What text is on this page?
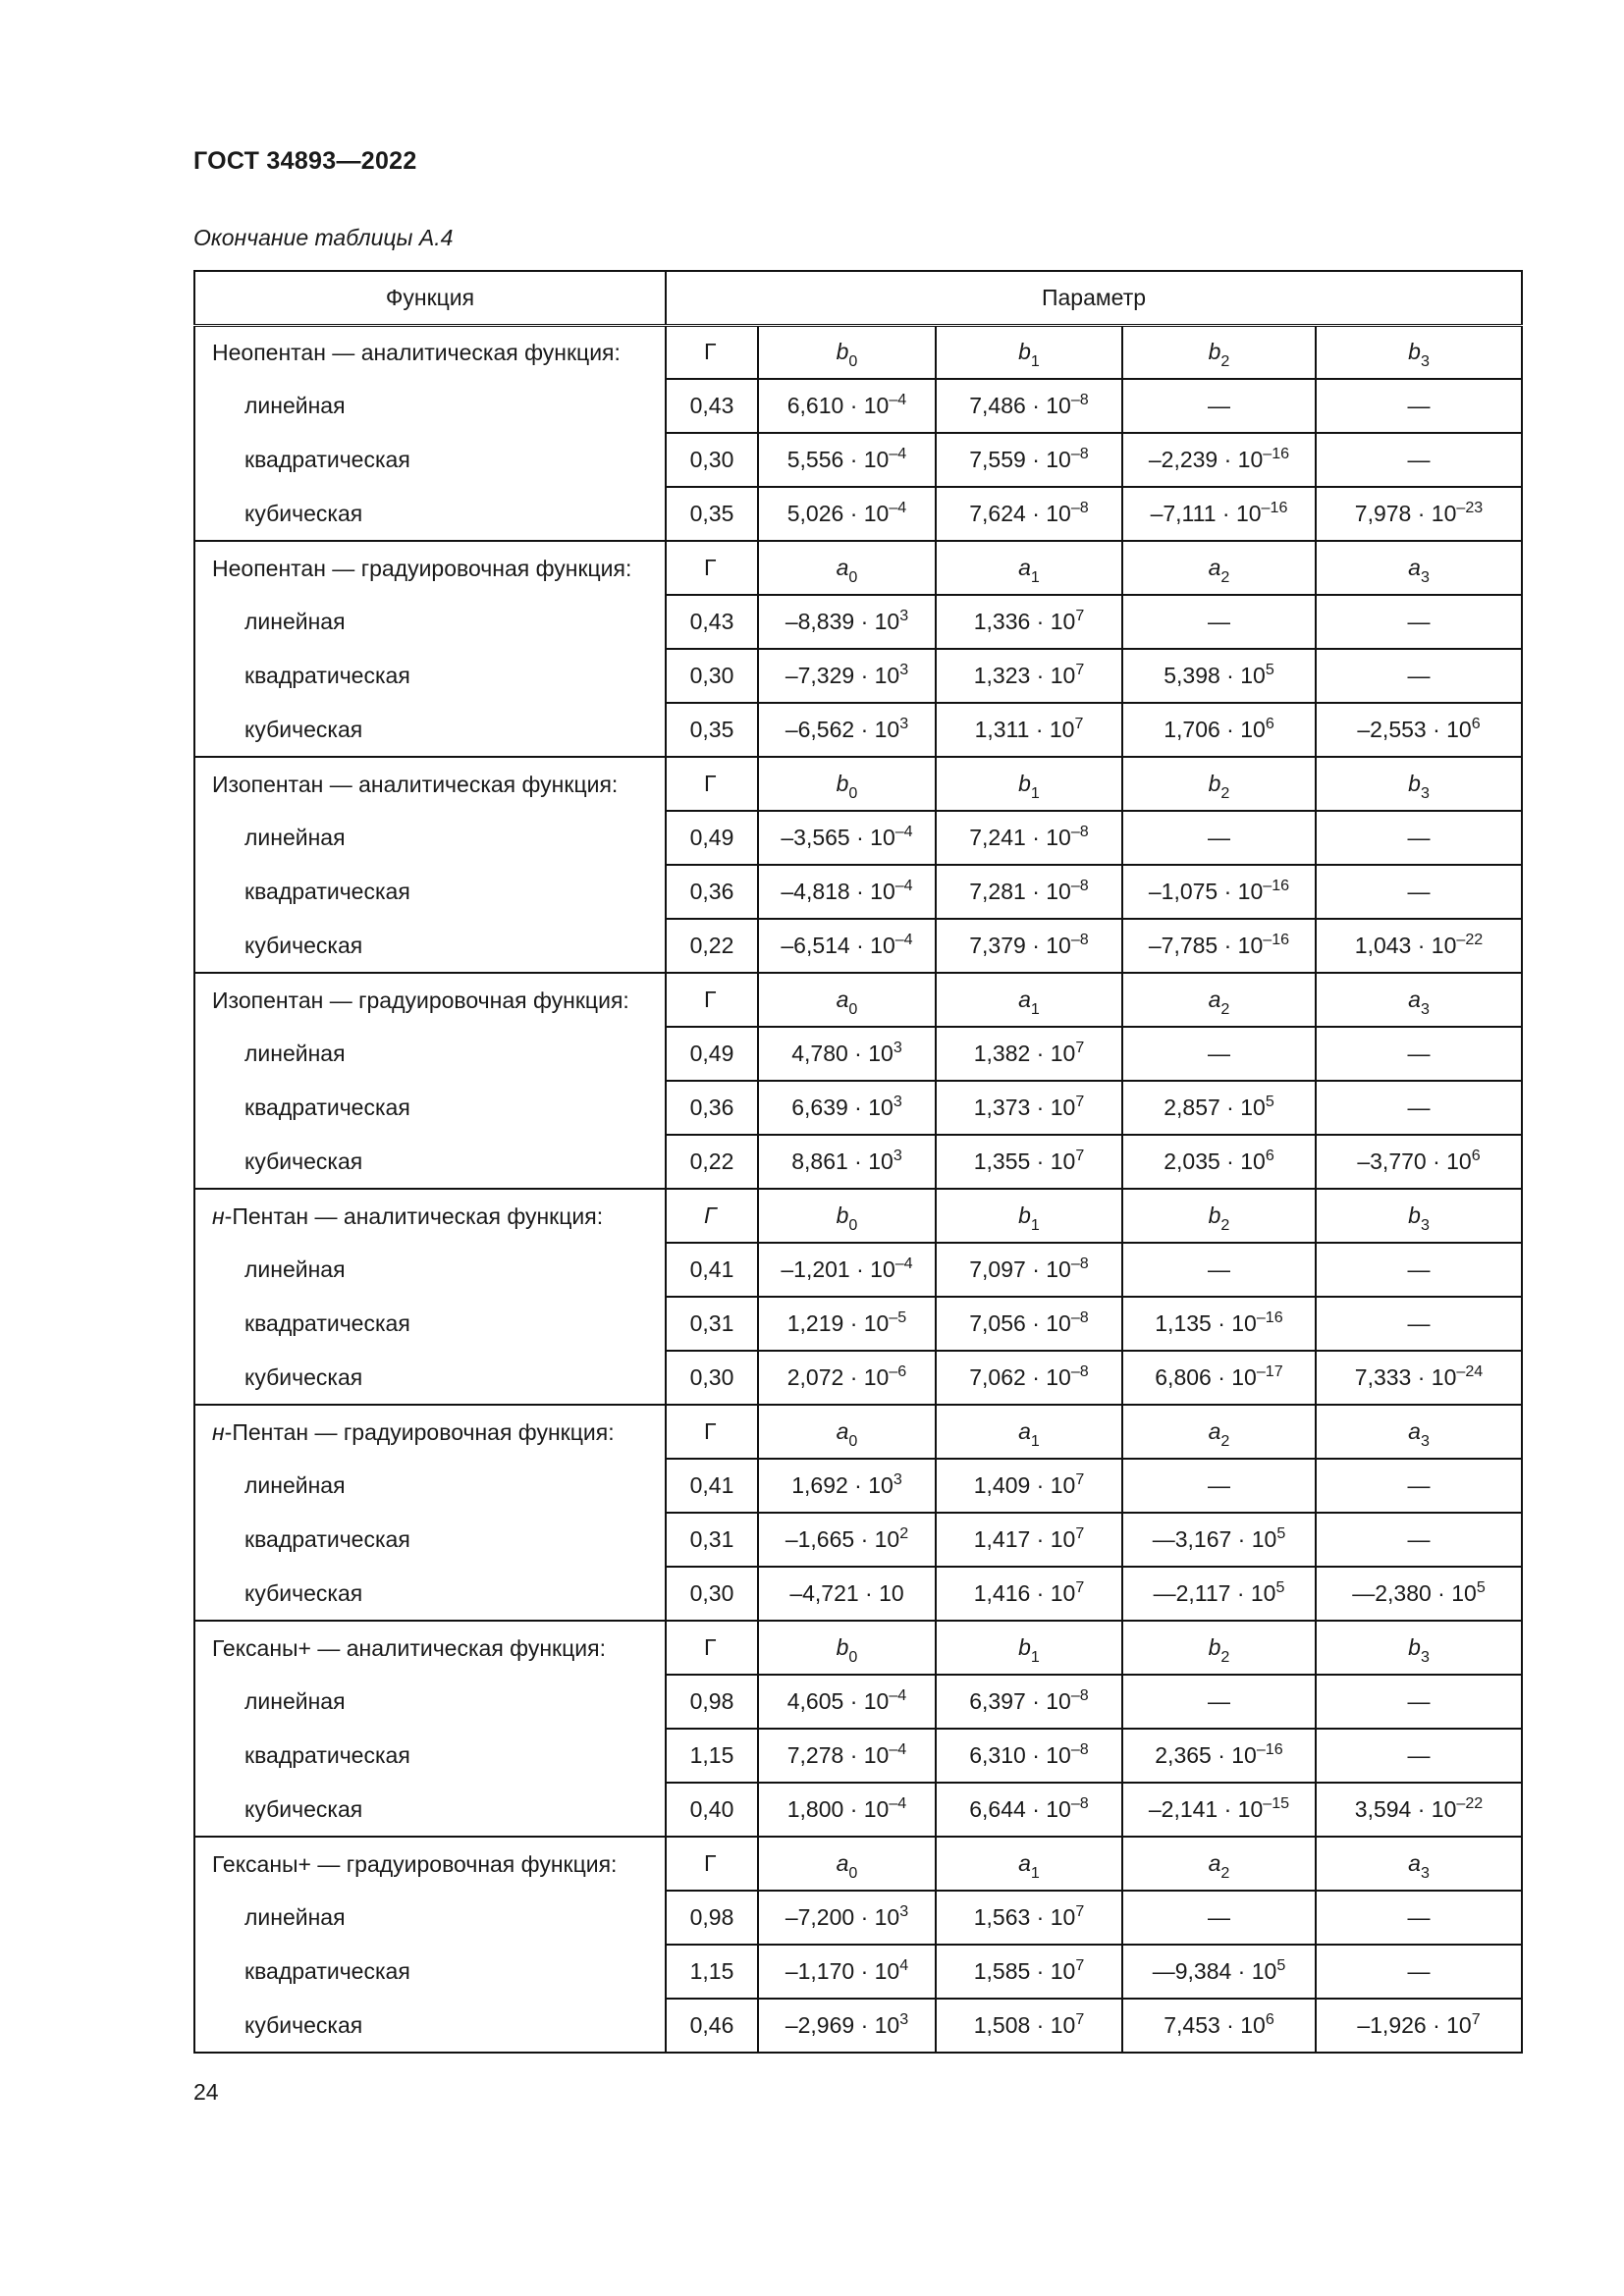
ГОСТ 34893—2022
Окончание таблицы А.4
Функция	Параметр				
Неопентан — аналитическая функция:	Г	$b_0$	$b_1$	$b_2$	$b_3$
линейная	0,43	$6,610 \cdot 10^{-4}$	$7,486 \cdot 10^{-8}$	—	—
квадратическая	0,30	$5,556 \cdot 10^{-4}$	$7,559 \cdot 10^{-8}$	$-2,239 \cdot 10^{-16}$	—
кубическая	0,35	$5,026 \cdot 10^{-4}$	$7,624 \cdot 10^{-8}$	$-7,111 \cdot 10^{-16}$	$7,978 \cdot 10^{-23}$
Неопентан — градуировочная функция:	Г	$a_0$	$a_1$	$a_2$	$a_3$
линейная	0,43	$-8,839 \cdot 10^3$	$1,336 \cdot 10^7$	—	—
квадратическая	0,30	$-7,329 \cdot 10^3$	$1,323 \cdot 10^7$	$5,398 \cdot 10^5$	—
кубическая	0,35	$-6,562 \cdot 10^3$	$1,311 \cdot 10^7$	$1,706 \cdot 10^6$	$-2,553 \cdot 10^6$
Изопентан — аналитическая функция:	Г	$b_0$	$b_1$	$b_2$	$b_3$
линейная	0,49	$-3,565 \cdot 10^{-4}$	$7,241 \cdot 10^{-8}$	—	—
квадратическая	0,36	$-4,818 \cdot 10^{-4}$	$7,281 \cdot 10^{-8}$	$-1,075 \cdot 10^{-16}$	—
кубическая	0,22	$-6,514 \cdot 10^{-4}$	$7,379 \cdot 10^{-8}$	$-7,785 \cdot 10^{-16}$	$1,043 \cdot 10^{-22}$
Изопентан — градуировочная функция:	Г	$a_0$	$a_1$	$a_2$	$a_3$
линейная	0,49	$4,780 \cdot 10^3$	$1,382 \cdot 10^7$	—	—
квадратическая	0,36	$6,639 \cdot 10^3$	$1,373 \cdot 10^7$	$2,857 \cdot 10^5$	—
кубическая	0,22	$8,861 \cdot 10^3$	$1,355 \cdot 10^7$	$2,035 \cdot 10^6$	$-3,770 \cdot 10^6$
н-Пентан — аналитическая функция:	Г	$b_0$	$b_1$	$b_2$	$b_3$
линейная	0,41	$-1,201 \cdot 10^{-4}$	$7,097 \cdot 10^{-8}$	—	—
квадратическая	0,31	$1,219 \cdot 10^{-5}$	$7,056 \cdot 10^{-8}$	$1,135 \cdot 10^{-16}$	—
кубическая	0,30	$2,072 \cdot 10^{-6}$	$7,062 \cdot 10^{-8}$	$6,806 \cdot 10^{-17}$	$7,333 \cdot 10^{-24}$
н-Пентан — градуировочная функция:	Г	$a_0$	$a_1$	$a_2$	$a_3$
линейная	0,41	$1,692 \cdot 10^3$	$1,409 \cdot 10^7$	—	—
квадратическая	0,31	$-1,665 \cdot 10^2$	$1,417 \cdot 10^7$	—3,167 · $10^5$	—
кубическая	0,30	–4,721 · 10	$1,416 \cdot 10^7$	—2,117 · $10^5$	—2,380 · $10^5$
Гексаны+ — аналитическая функция:	Г	$b_0$	$b_1$	$b_2$	$b_3$
линейная	0,98	$4,605 \cdot 10^{-4}$	$6,397 \cdot 10^{-8}$	—	—
квадратическая	1,15	$7,278 \cdot 10^{-4}$	$6,310 \cdot 10^{-8}$	$2,365 \cdot 10^{-16}$	—
кубическая	0,40	$1,800 \cdot 10^{-4}$	$6,644 \cdot 10^{-8}$	$-2,141 \cdot 10^{-15}$	$3,594 \cdot 10^{-22}$
Гексаны+ — градуировочная функция:	Г	$a_0$	$a_1$	$a_2$	$a_3$
линейная	0,98	$-7,200 \cdot 10^3$	$1,563 \cdot 10^7$	—	—
квадратическая	1,15	$-1,170 \cdot 10^4$	$1,585 \cdot 10^7$	—9,384 · $10^5$	—
кубическая	0,46	$-2,969 \cdot 10^3$	$1,508 \cdot 10^7$	$7,453 \cdot 10^6$	$-1,926 \cdot 10^7$
24
